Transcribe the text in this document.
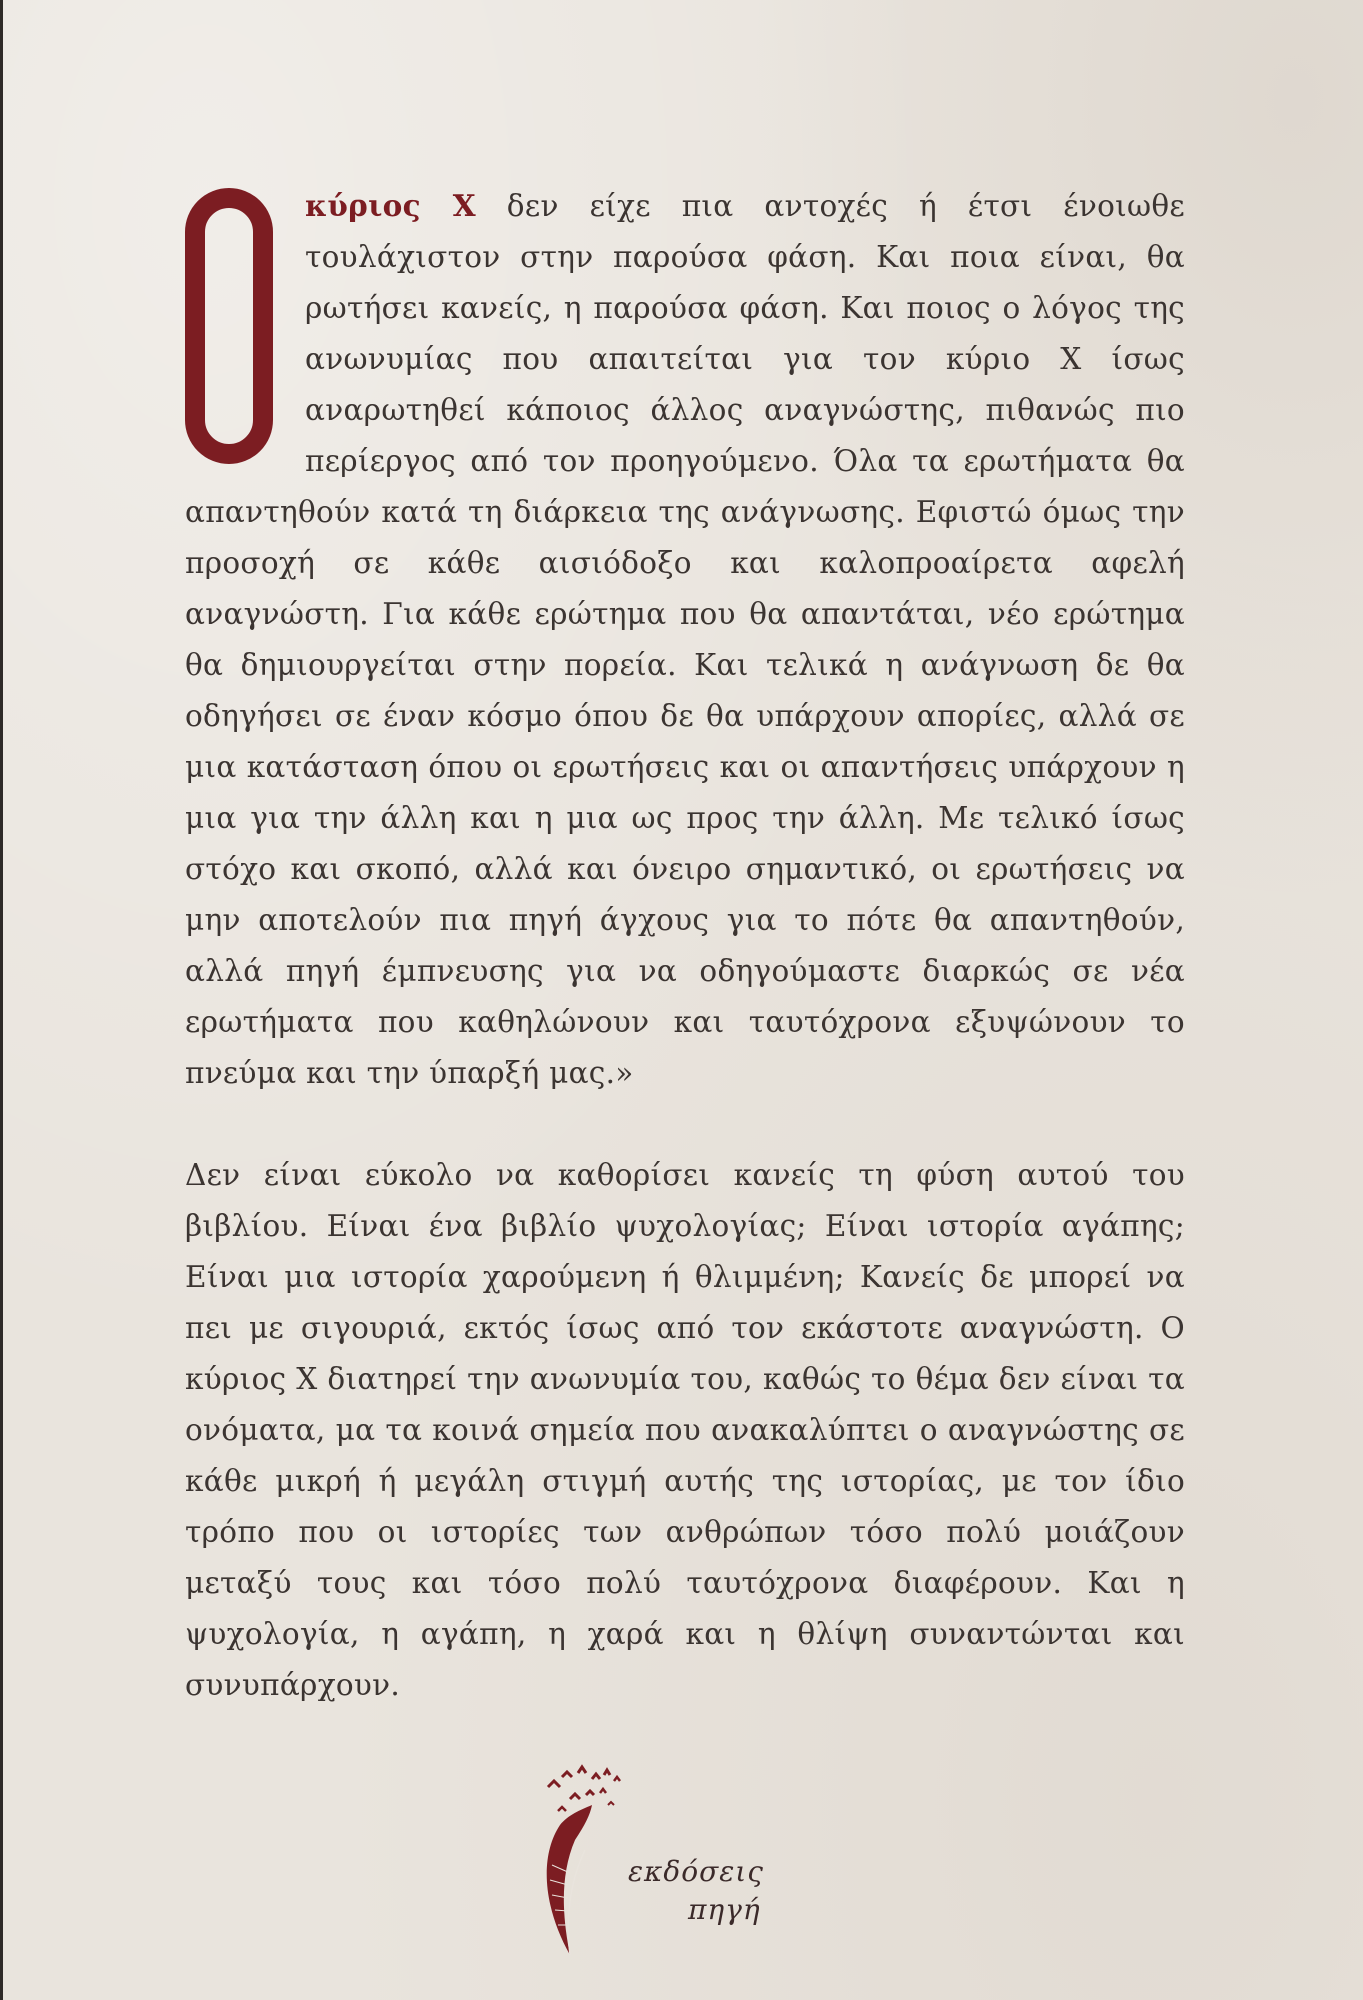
κύριος Χ δεν είχε πια αντοχές ή έτσι ένοιωθε τουλάχιστον στην παρούσα φάση. Και ποια είναι, θα ρωτήσει κανείς, η παρούσα φάση. Και ποιος ο λόγος της ανωνυμίας που απαιτείται για τον κύριο Χ ίσως αναρωτηθεί κάποιος άλλος αναγνώστης, πιθανώς πιο περίεργος από τον προηγούμενο. Όλα τα ερωτήματα θα απαντηθούν κατά τη διάρκεια της ανάγνωσης. Εφιστώ όμως την προσοχή σε κάθε αισιόδοξο και καλοπροαίρετα αφελή αναγνώστη. Για κάθε ερώτημα που θα απαντάται, νέο ερώτημα θα δημιουργείται στην πορεία. Και τελικά η ανάγνωση δε θα οδηγήσει σε έναν κόσμο όπου δε θα υπάρχουν απορίες, αλλά σε μια κατάσταση όπου οι ερωτήσεις και οι απαντήσεις υπάρχουν η μια για την άλλη και η μια ως προς την άλλη. Με τελικό ίσως στόχο και σκοπό, αλλά και όνειρο σημαντικό, οι ερωτήσεις να μην αποτελούν πια πηγή άγχους για το πότε θα απαντηθούν, αλλά πηγή έμπνευσης για να οδηγούμαστε διαρκώς σε νέα ερωτήματα που καθηλώνουν και ταυτόχρονα εξυψώνουν το πνεύμα και την ύπαρξή μας.»
Δεν είναι εύκολο να καθορίσει κανείς τη φύση αυτού του βιβλίου. Είναι ένα βιβλίο ψυχολογίας; Είναι ιστορία αγάπης; Είναι μια ιστορία χαρούμενη ή θλιμμένη; Κανείς δε μπορεί να πει με σιγουριά, εκτός ίσως από τον εκάστοτε αναγνώστη. Ο κύριος Χ διατηρεί την ανωνυμία του, καθώς το θέμα δεν είναι τα ονόματα, μα τα κοινά σημεία που ανακαλύπτει ο αναγνώστης σε κάθε μικρή ή μεγάλη στιγμή αυτής της ιστορίας, με τον ίδιο τρόπο που οι ιστορίες των ανθρώπων τόσο πολύ μοιάζουν μεταξύ τους και τόσο πολύ ταυτόχρονα διαφέρουν. Και η ψυχολογία, η αγάπη, η χαρά και η θλίψη συναντώνται και συνυπάρχουν.
εκδόσεις
πηγή
